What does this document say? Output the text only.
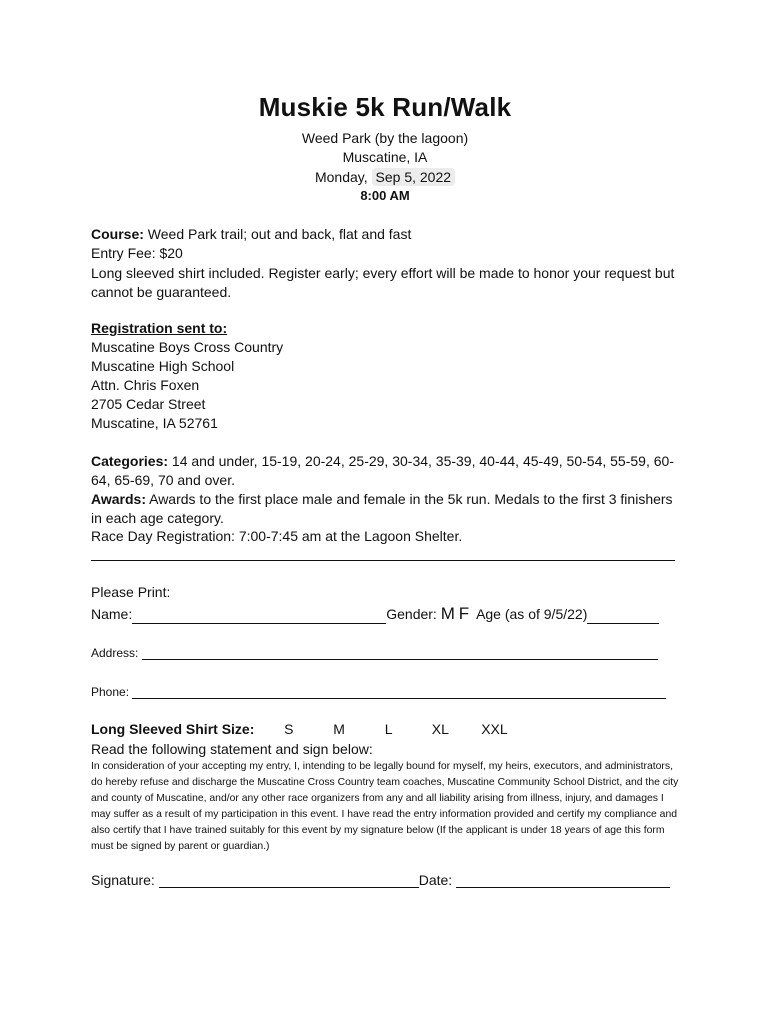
Muskie 5k Run/Walk
Weed Park (by the lagoon)
Muscatine, IA
Monday, Sep 5, 2022
8:00 AM
Course: Weed Park trail; out and back, flat and fast
Entry Fee: $20
Long sleeved shirt included. Register early; every effort will be made to honor your request but cannot be guaranteed.
Registration sent to:
Muscatine Boys Cross Country
Muscatine High School
Attn. Chris Foxen
2705 Cedar Street
Muscatine, IA 52761
Categories: 14 and under, 15-19, 20-24, 25-29, 30-34, 35-39, 40-44, 45-49, 50-54, 55-59, 60-64, 65-69, 70 and over.
Awards: Awards to the first place male and female in the 5k run. Medals to the first 3 finishers in each age category.
Race Day Registration: 7:00-7:45 am at the Lagoon Shelter.
Please Print:
Name:	Gender: M F Age (as of 9/5/22)
Address:
Phone:
Long Sleeved Shirt Size: S	M	L	XL XXL
Read the following statement and sign below:
In consideration of your accepting my entry, I, intending to be legally bound for myself, my heirs, executors, and administrators, do hereby refuse and discharge the Muscatine Cross Country team coaches, Muscatine Community School District, and the city and county of Muscatine, and/or any other race organizers from any and all liability arising from illness, injury, and damages I may suffer as a result of my participation in this event. I have read the entry information provided and certify my compliance and also certify that I have trained suitably for this event by my signature below (If the applicant is under 18 years of age this form must be signed by parent or guardian.)
Signature:	Date:
